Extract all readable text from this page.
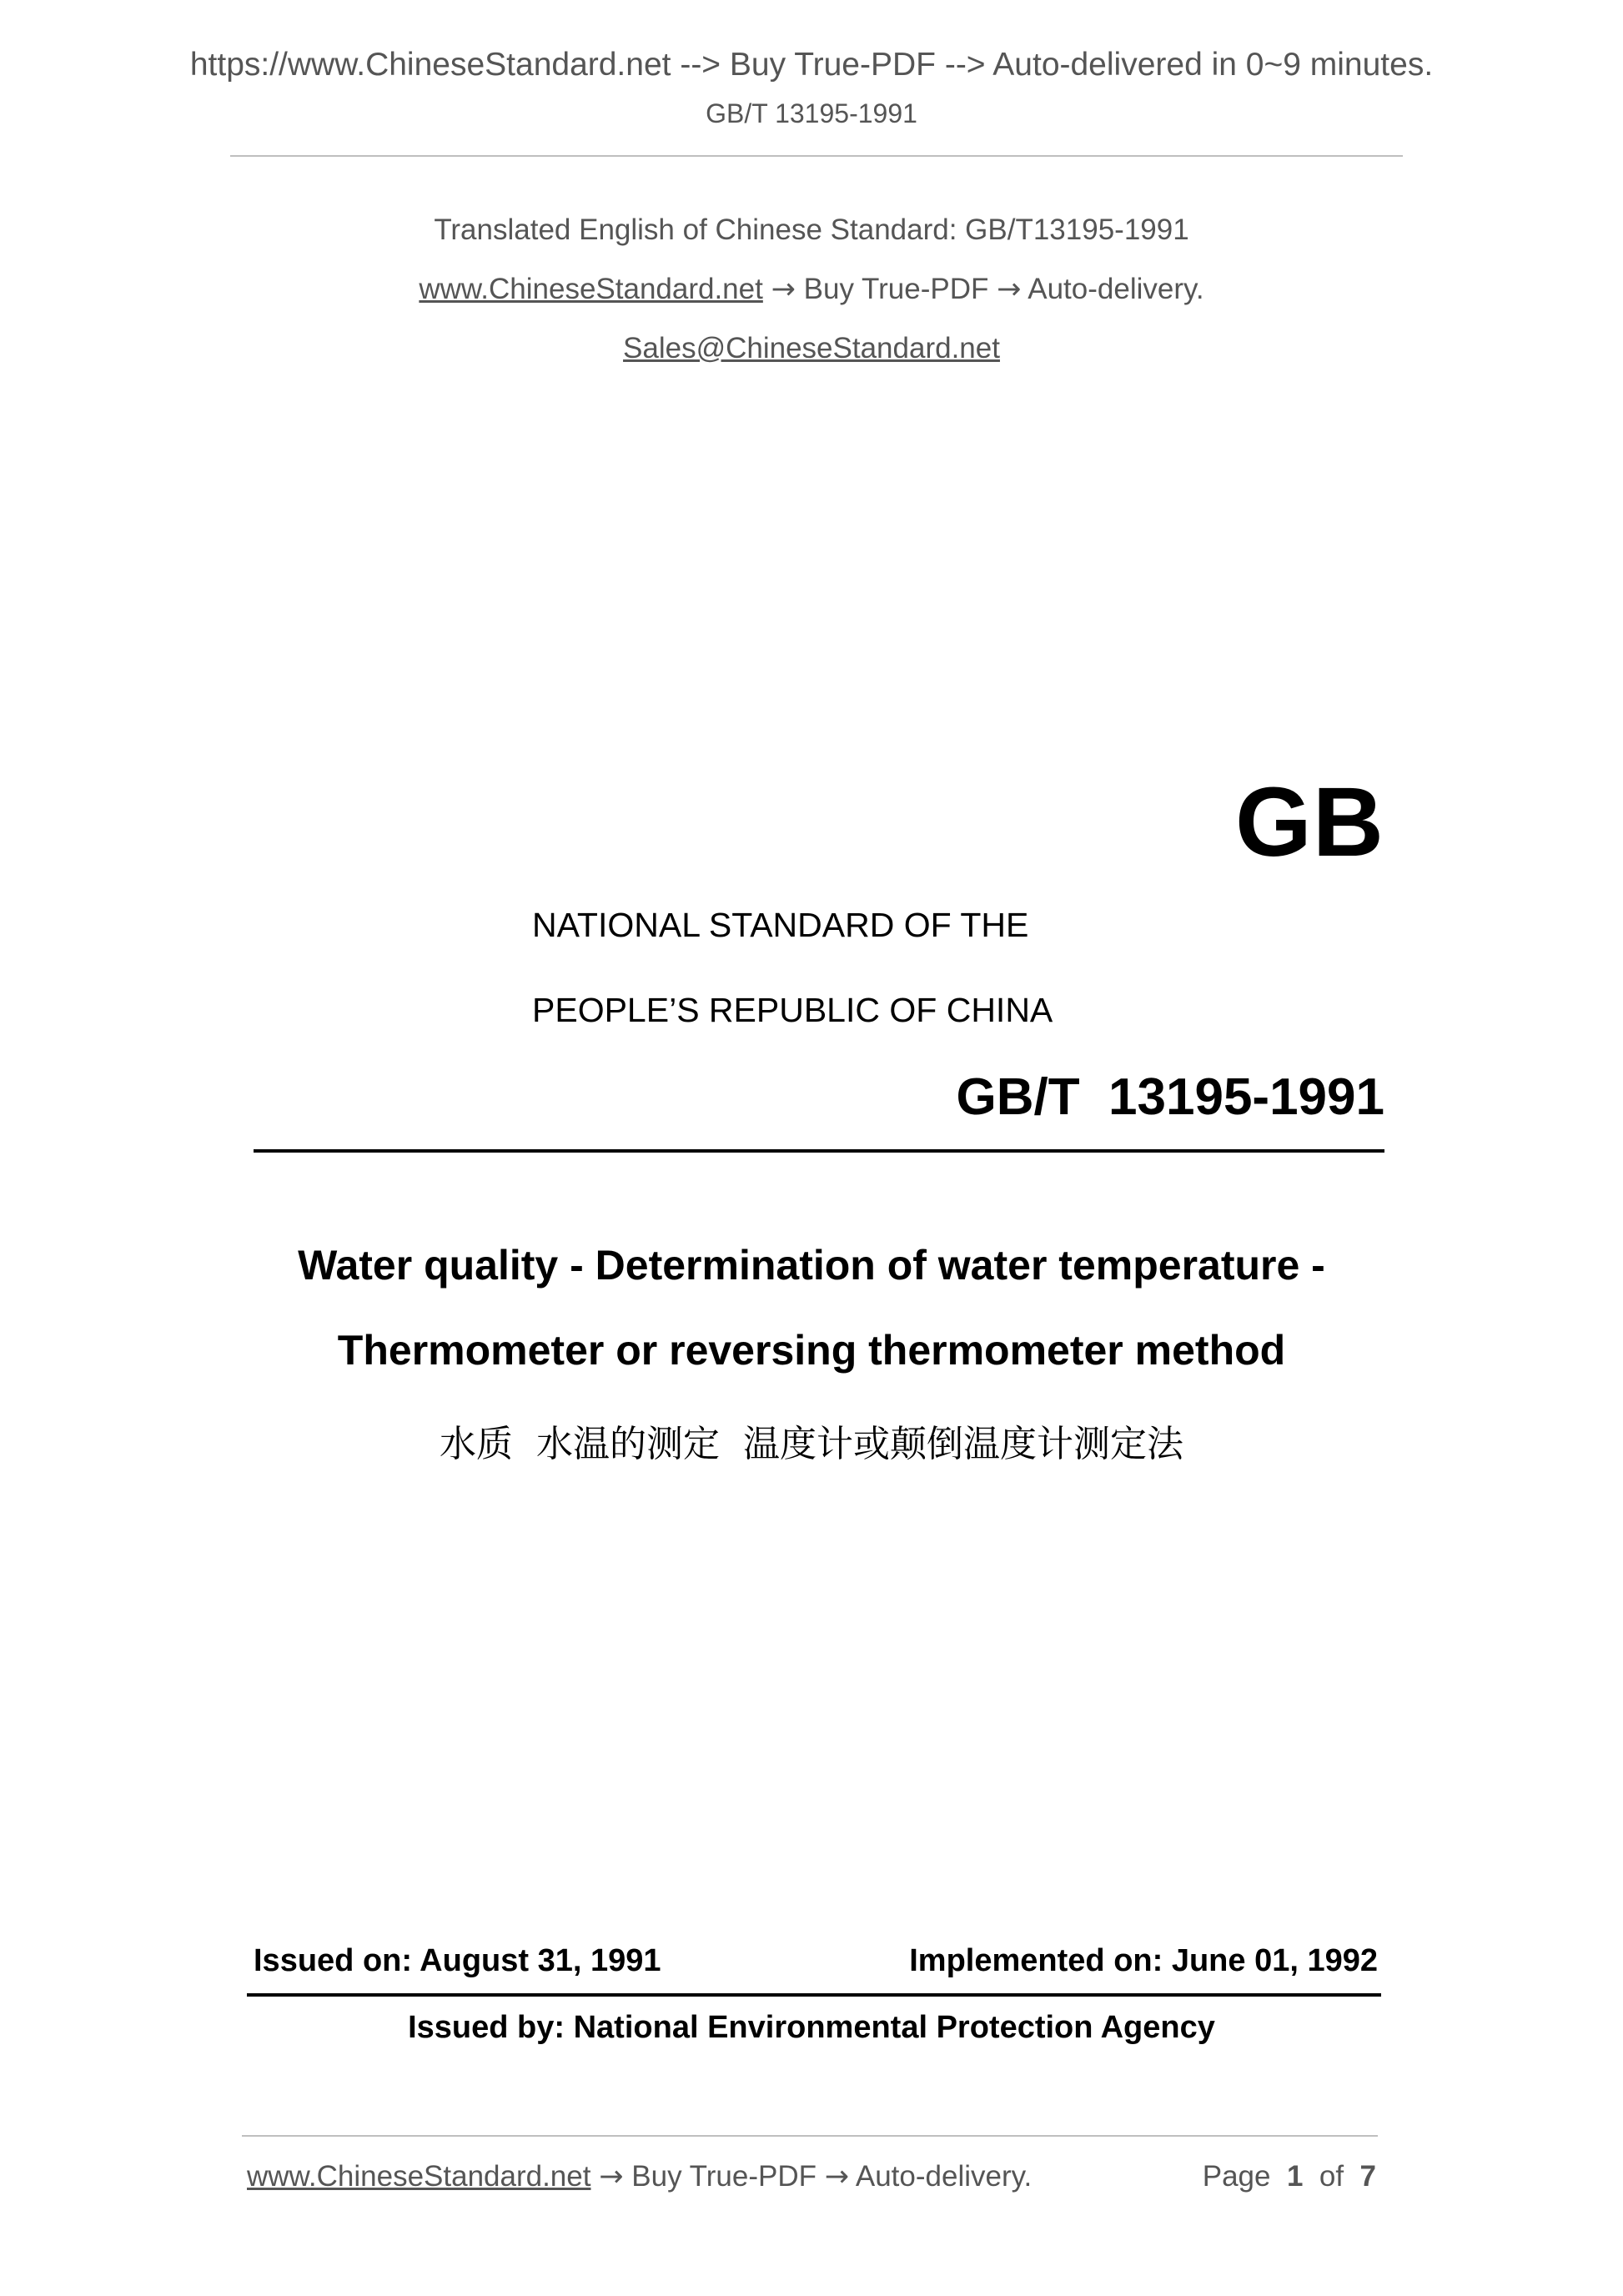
https://www.ChineseStandard.net --> Buy True-PDF --> Auto-delivered in 0~9 minutes.
GB/T 13195-1991
Translated English of Chinese Standard: GB/T13195-1991
www.ChineseStandard.net → Buy True-PDF → Auto-delivery.
Sales@ChineseStandard.net
GB
NATIONAL STANDARD OF THE
PEOPLE’S REPUBLIC OF CHINA
GB/T  13195-1991
Water quality - Determination of water temperature -
Thermometer or reversing thermometer method
水质  水温的测定  温度计或颠倒温度计测定法
Issued on: August 31, 1991	Implemented on: June 01, 1992
Issued by: National Environmental Protection Agency
www.ChineseStandard.net → Buy True-PDF → Auto-delivery.	Page 1 of 7
